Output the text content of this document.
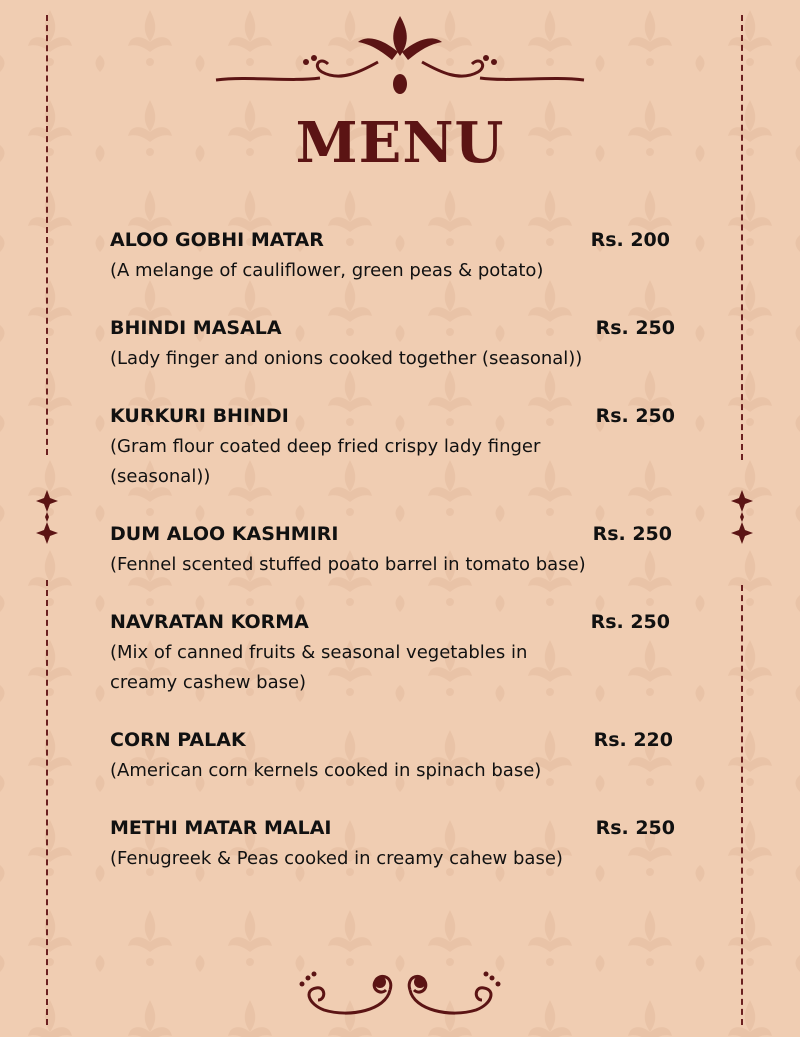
MENU
ALOO GOBHI MATAR	Rs. 200
(A melange of cauliflower, green peas & potato)
BHINDI MASALA	Rs. 250
(Lady finger and onions cooked together (seasonal))
KURKURI BHINDI	Rs. 250
(Gram flour coated deep fried crispy lady finger (seasonal))
DUM ALOO KASHMIRI	Rs. 250
(Fennel scented stuffed poato barrel in tomato base)
NAVRATAN KORMA	Rs. 250
(Mix of canned fruits & seasonal vegetables in creamy cashew base)
CORN PALAK	Rs. 220
(American corn kernels cooked in spinach base)
METHI MATAR MALAI	Rs. 250
(Fenugreek & Peas cooked in creamy cahew base)
